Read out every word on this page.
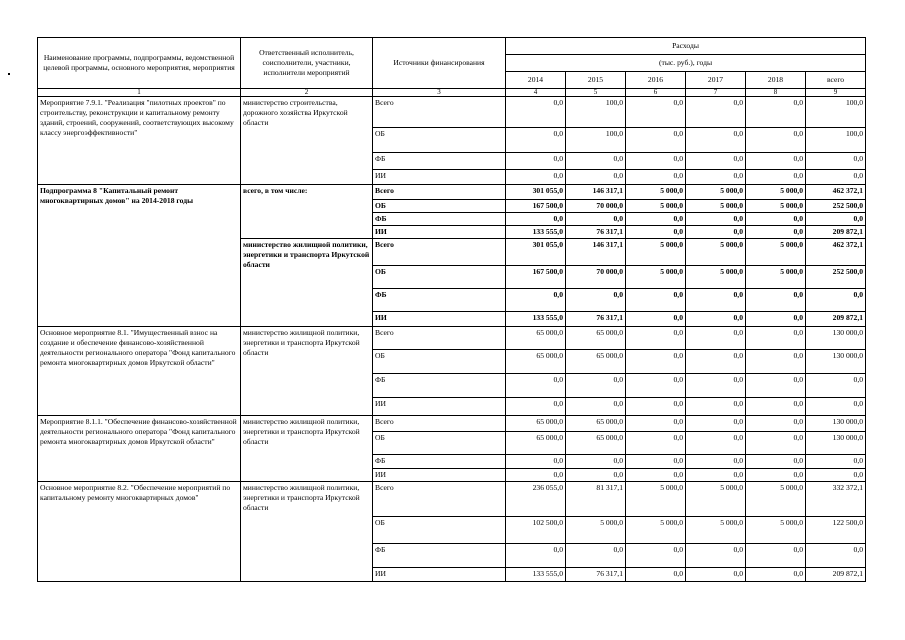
Наименование программы, подпрограммы, ведомственной целевой программы, основного мероприятия, мероприятия	Ответственный исполнитель, соисполнители, участники, исполнители мероприятий	Источники финансирования	Расходы					
			(тыс. руб.), годы					
			2014	2015	2016	2017	2018	всего
1	2	3	4	5	6	7	8	9
Мероприятие 7.9.1. "Реализация "пилотных проектов" по строительству, реконструкции и капитальному ремонту зданий, строений, сооружений, соответствующих высокому классу энергоэффективности"	министерство строительства, дорожного хозяйства Иркутской области	Всего	0,0	100,0	0,0	0,0	0,0	100,0
		ОБ	0,0	100,0	0,0	0,0	0,0	100,0
		ФБ	0,0	0,0	0,0	0,0	0,0	0,0
		ИИ	0,0	0,0	0,0	0,0	0,0	0,0
Подпрограмма 8 "Капитальный ремонт многоквартирных домов" на 2014-2018 годы	всего, в том числе:	Всего	301 055,0	146 317,1	5 000,0	5 000,0	5 000,0	462 372,1
		ОБ	167 500,0	70 000,0	5 000,0	5 000,0	5 000,0	252 500,0
		ФБ	0,0	0,0	0,0	0,0	0,0	0,0
		ИИ	133 555,0	76 317,1	0,0	0,0	0,0	209 872,1
	министерство жилищной политики, энергетики и транспорта Иркутской области	Всего	301 055,0	146 317,1	5 000,0	5 000,0	5 000,0	462 372,1
		ОБ	167 500,0	70 000,0	5 000,0	5 000,0	5 000,0	252 500,0
		ФБ	0,0	0,0	0,0	0,0	0,0	0,0
		ИИ	133 555,0	76 317,1	0,0	0,0	0,0	209 872,1
Основное мероприятие 8.1. "Имущественный взнос на создание и обеспечение финансово-хозяйственной деятельности регионального оператора "Фонд капитального ремонта многоквартирных домов Иркутской области"	министерство жилищной политики, энергетики и транспорта Иркутской области	Всего	65 000,0	65 000,0	0,0	0,0	0,0	130 000,0
		ОБ	65 000,0	65 000,0	0,0	0,0	0,0	130 000,0
		ФБ	0,0	0,0	0,0	0,0	0,0	0,0
		ИИ	0,0	0,0	0,0	0,0	0,0	0,0
Мероприятие 8.1.1. "Обеспечение финансово-хозяйственной деятельности регионального оператора "Фонд капитального ремонта многоквартирных домов Иркутской области"	министерство жилищной политики, энергетики и транспорта Иркутской области	Всего	65 000,0	65 000,0	0,0	0,0	0,0	130 000,0
		ОБ	65 000,0	65 000,0	0,0	0,0	0,0	130 000,0
		ФБ	0,0	0,0	0,0	0,0	0,0	0,0
		ИИ	0,0	0,0	0,0	0,0	0,0	0,0
Основное мероприятие 8.2. "Обеспечение мероприятий по капитальному ремонту многоквартирных домов"	министерство жилищной политики, энергетики и транспорта Иркутской области	Всего	236 055,0	81 317,1	5 000,0	5 000,0	5 000,0	332 372,1
		ОБ	102 500,0	5 000,0	5 000,0	5 000,0	5 000,0	122 500,0
		ФБ	0,0	0,0	0,0	0,0	0,0	0,0
		ИИ	133 555,0	76 317,1	0,0	0,0	0,0	209 872,1
